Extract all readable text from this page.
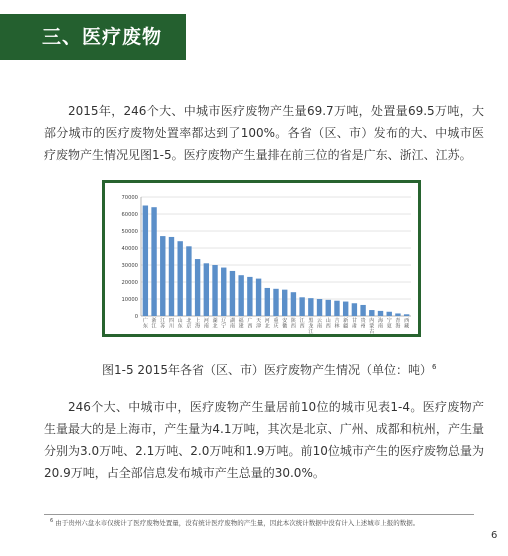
三、医疗废物

2015年，246个大、中城市医疗废物产生量69.7万吨，处置量69.5万吨，大部分城市的医疗废物处置率都达到了100%。各省（区、市）发布的大、中城市医疗废物产生情况见图1-5。医疗废物产生量排在前三位的省是广东、浙江、江苏。

0
10000
20000
30000
40000
50000
60000
70000
广东
浙江
江苏
四川
山东
北京
上海
河南
湖北
辽宁
湖南
福建
广西
天津
河北
重庆
安徽
陕西
江西
黑龙江
云南
山西
吉林
新疆
甘肃
贵州
内蒙古
海南
宁夏
青海
西藏
图1-5 2015年各省（区、市）医疗废物产生情况（单位：吨）$^6$

246个大、中城市中，医疗废物产生量居前10位的城市见表1-4。医疗废物产生量最大的是上海市，产生量为4.1万吨，其次是北京、广州、成都和杭州，产生量分别为3.0万吨、2.1万吨、2.0万吨和1.9万吨。前10位城市产生的医疗废物总量为20.9万吨，占全部信息发布城市产生总量的30.0%。

$^6$ 由于贵州六盘水市仅统计了医疗废物处置量，没有统计医疗废物的产生量，因此本次统计数据中没有计入上述城市上报的数据。
6
